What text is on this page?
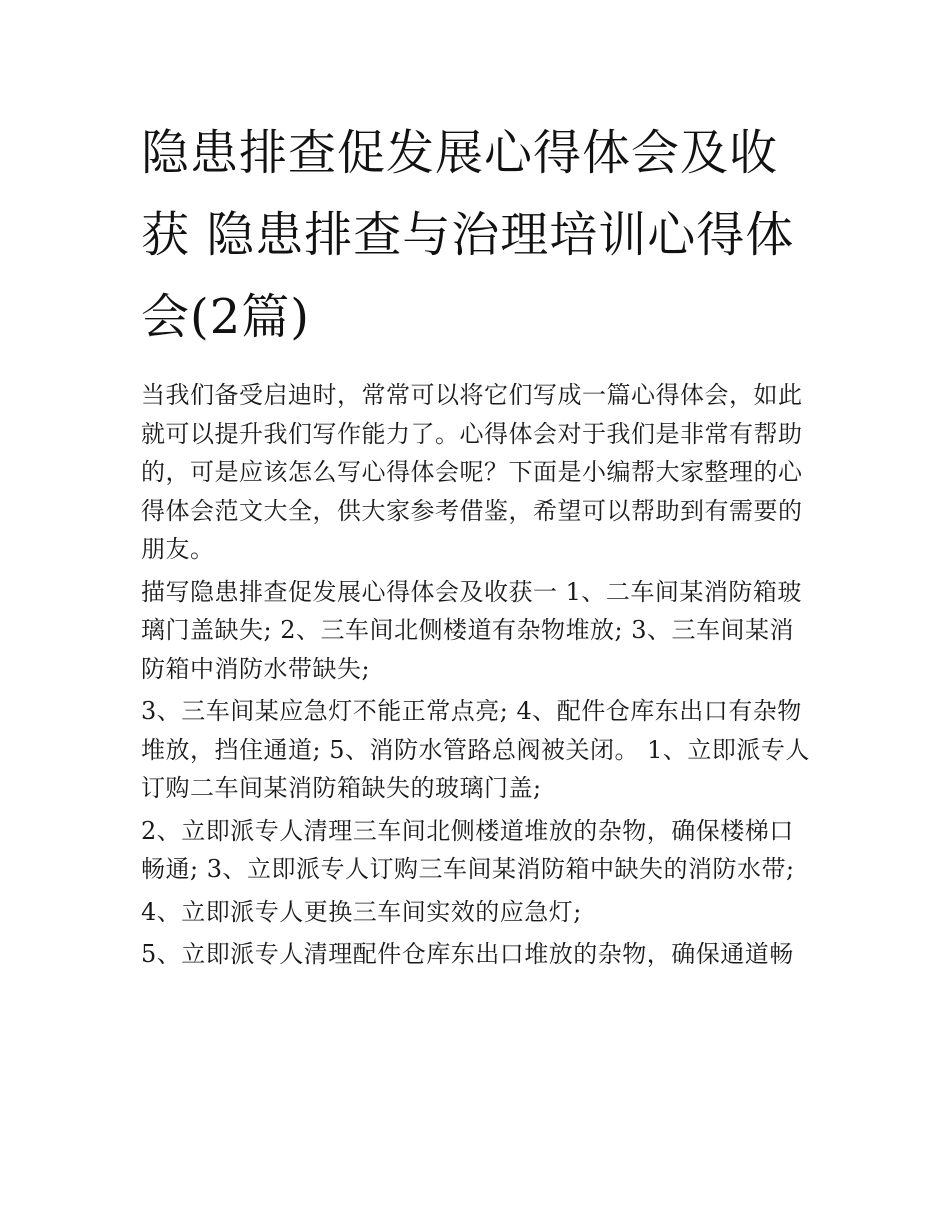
隐患排查促发展心得体会及收获 隐患排查与治理培训心得体会(2篇)

当我们备受启迪时，常常可以将它们写成一篇心得体会，如此就可以提升我们写作能力了。心得体会对于我们是非常有帮助的，可是应该怎么写心得体会呢？下面是小编帮大家整理的心得体会范文大全，供大家参考借鉴，希望可以帮助到有需要的朋友。

描写隐患排查促发展心得体会及收获一 1、二车间某消防箱玻璃门盖缺失; 2、三车间北侧楼道有杂物堆放; 3、三车间某消防箱中消防水带缺失;

3、三车间某应急灯不能正常点亮; 4、配件仓库东出口有杂物堆放，挡住通道; 5、消防水管路总阀被关闭。 1、立即派专人订购二车间某消防箱缺失的玻璃门盖;

2、立即派专人清理三车间北侧楼道堆放的杂物，确保楼梯口畅通; 3、立即派专人订购三车间某消防箱中缺失的消防水带;

4、立即派专人更换三车间实效的应急灯;

5、立即派专人清理配件仓库东出口堆放的杂物，确保通道畅
